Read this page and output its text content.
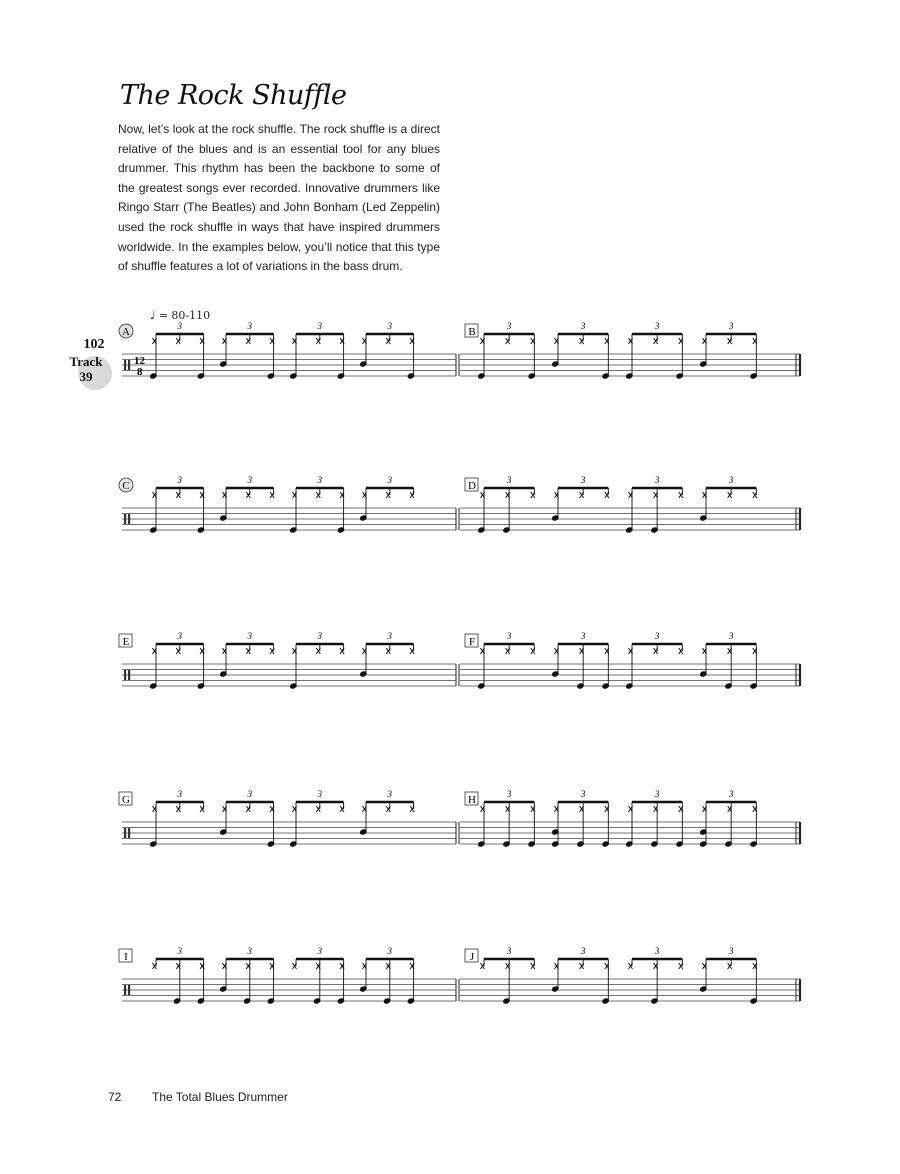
The Rock Shuffle

Now, let’s look at the rock shuffle. The rock shuffle is a direct relative of the blues and is an essential tool for any blues drummer. This rhythm has been the backbone to some of the greatest songs ever recorded. Innovative drummers like Ringo Starr (The Beatles) and John Bonham (Led Zeppelin) used the rock shuffle in ways that have inspired drummers worldwide. In the examples below, you’ll notice that this type of shuffle features a lot of variations in the bass drum.

♩ = 80-110
102
Track
39
12
8
A	3	3	3	3	B	3	3	3	3
C	3	3	3	3	D	3	3	3	3
E	3	3	3	3	F	3	3	3	3
G	3	3	3	3	H	3	3	3	3
I	3	3	3	3	J	3	3	3	3
72	The Total Blues Drummer
